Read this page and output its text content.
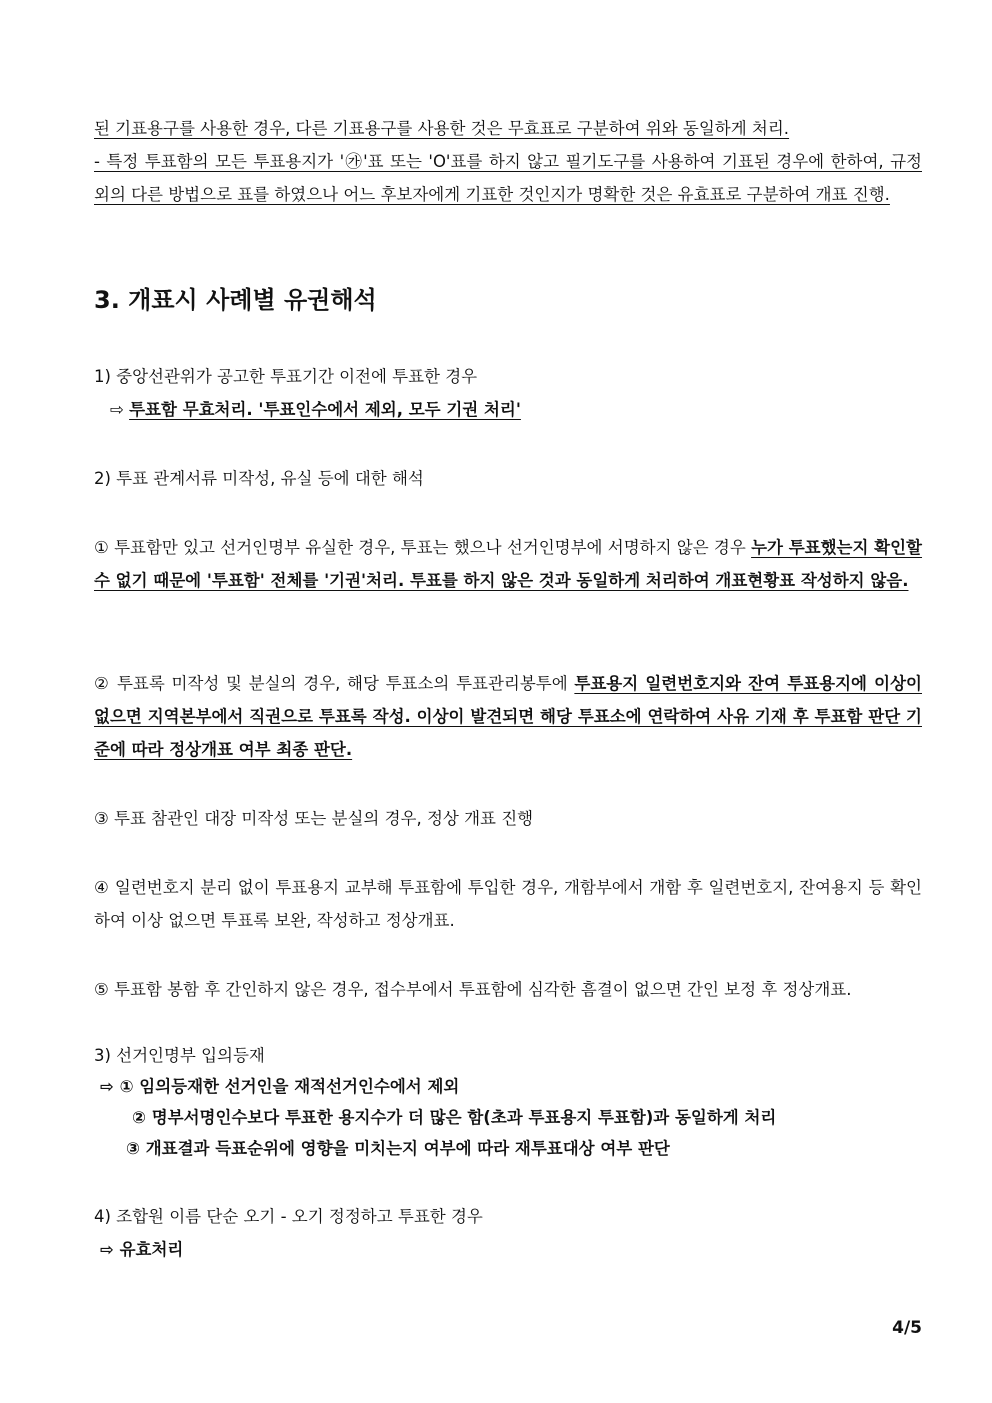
된 기표용구를 사용한 경우, 다른 기표용구를 사용한 것은 무효표로 구분하여 위와 동일하게 처리.
- 특정 투표함의 모든 투표용지가 '㉮'표 또는 'O'표를 하지 않고 필기도구를 사용하여 기표된 경우에 한하여, 규정 외의 다른 방법으로 표를 하였으나 어느 후보자에게 기표한 것인지가 명확한 것은 유효표로 구분하여 개표 진행.
3. 개표시 사례별 유권해석
1) 중앙선관위가 공고한 투표기간 이전에 투표한 경우
⇨ 투표함 무효처리. '투표인수에서 제외, 모두 기권 처리'
2) 투표 관계서류 미작성, 유실 등에 대한 해석
① 투표함만 있고 선거인명부 유실한 경우, 투표는 했으나 선거인명부에 서명하지 않은 경우 누가 투표했는지 확인할 수 없기 때문에 '투표함' 전체를 '기권'처리. 투표를 하지 않은 것과 동일하게 처리하여 개표현황표 작성하지 않음.
② 투표록 미작성 및 분실의 경우, 해당 투표소의 투표관리봉투에 투표용지 일련번호지와 잔여 투표용지에 이상이 없으면 지역본부에서 직권으로 투표록 작성. 이상이 발견되면 해당 투표소에 연락하여 사유 기재 후 투표함 판단 기준에 따라 정상개표 여부 최종 판단.
③ 투표 참관인 대장 미작성 또는 분실의 경우, 정상 개표 진행
④ 일련번호지 분리 없이 투표용지 교부해 투표함에 투입한 경우, 개함부에서 개함 후 일련번호지, 잔여용지 등 확인하여 이상 없으면 투표록 보완, 작성하고 정상개표.
⑤ 투표함 봉함 후 간인하지 않은 경우, 접수부에서 투표함에 심각한 흠결이 없으면 간인 보정 후 정상개표.
3) 선거인명부 입의등재
⇨ ① 임의등재한 선거인을 재적선거인수에서 제외
② 명부서명인수보다 투표한 용지수가 더 많은 함(초과 투표용지 투표함)과 동일하게 처리
③ 개표결과 득표순위에 영향을 미치는지 여부에 따라 재투표대상 여부 판단
4) 조합원 이름 단순 오기 - 오기 정정하고 투표한 경우
⇨ 유효처리
4/5
